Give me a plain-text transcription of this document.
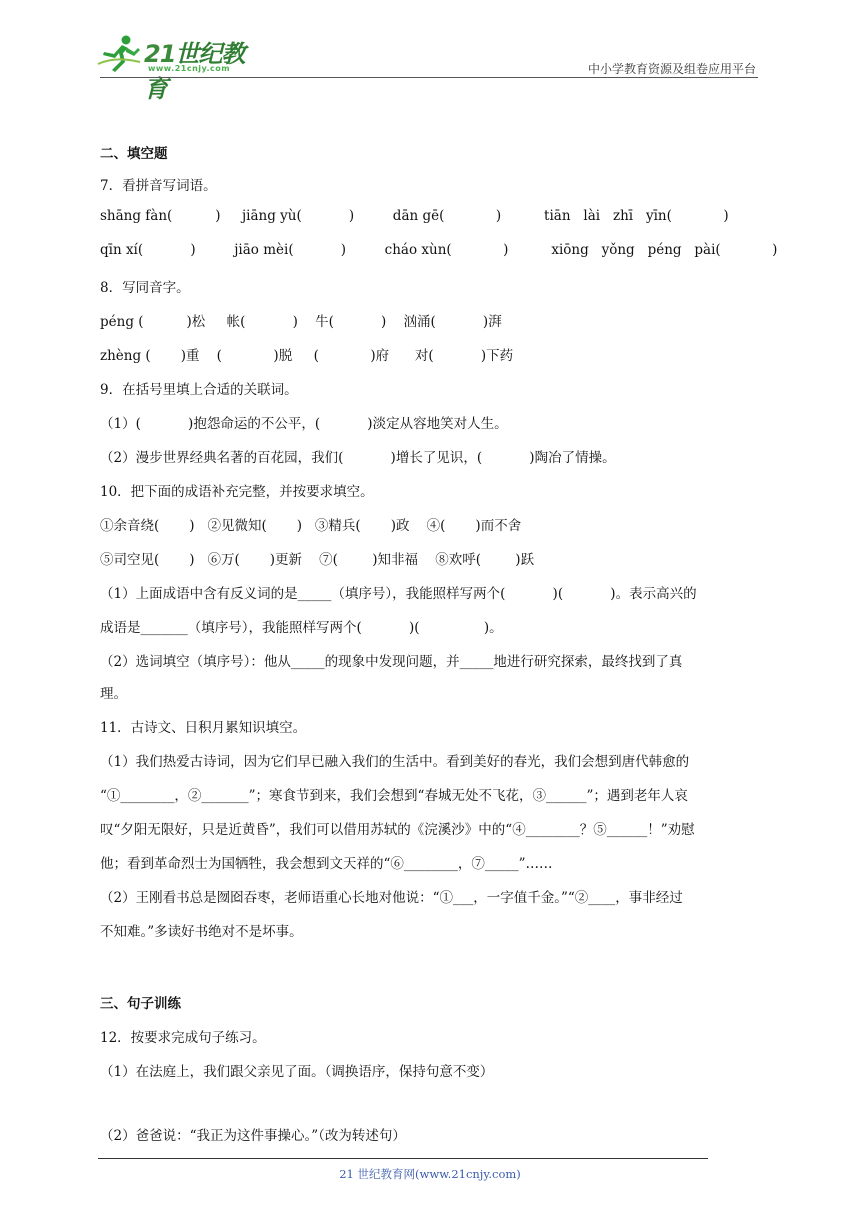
21世纪教育
www.21cnjy.com	中小学教育资源及组卷应用平台
二、填空题
7．看拼音写词语。
shāng fàn(          )     jiāng yù(           )         dān gē(            )          tiān   lài   zhī   yīn(            )
qīn xí(           )         jiāo mèi(           )         cháo xùn(            )          xiōng   yǒng   péng   pài(            )
8．写同音字。
péng (          )松     帐(           )    牛(           )    汹涌(           )湃
zhèng (       )重    (            )脱     (            )府      对(           )下药
9．在括号里填上合适的关联词。
（1）(           )抱怨命运的不公平，(           )淡定从容地笑对人生。
（2）漫步世界经典名著的百花园，我们(           )增长了见识，(           )陶冶了情操。
10．把下面的成语补充完整，并按要求填空。
①余音绕(       )   ②见微知(       )   ③精兵(       )政    ④(       )而不舍
⑤司空见(       )   ⑥万(       )更新    ⑦(        )知非福    ⑧欢呼(        )跃
（1）上面成语中含有反义词的是_____（填序号），我能照样写两个(           )(           )。表示高兴的
成语是_______（填序号），我能照样写两个(           )(               )。
（2）选词填空（填序号）：他从_____的现象中发现问题，并_____地进行研究探索，最终找到了真
理。
11．古诗文、日积月累知识填空。
（1）我们热爱古诗词，因为它们早已融入我们的生活中。看到美好的春光，我们会想到唐代韩愈的
“①________，②_______”；寒食节到来，我们会想到“春城无处不飞花，③______”；遇到老年人哀
叹“夕阳无限好，只是近黄昏”，我们可以借用苏轼的《浣溪沙》中的“④________？⑤______！”劝慰
他；看到革命烈士为国牺牲，我会想到文天祥的“⑥________，⑦_____”……
（2）王刚看书总是囫囵吞枣，老师语重心长地对他说：“①___，一字值千金。”“②____，事非经过
不知难。”多读好书绝对不是坏事。
三、句子训练
12．按要求完成句子练习。
（1）在法庭上，我们跟父亲见了面。（调换语序，保持句意不变）
（2）爸爸说：“我正为这件事操心。”（改为转述句）
21 世纪教育网(www.21cnjy.com)
